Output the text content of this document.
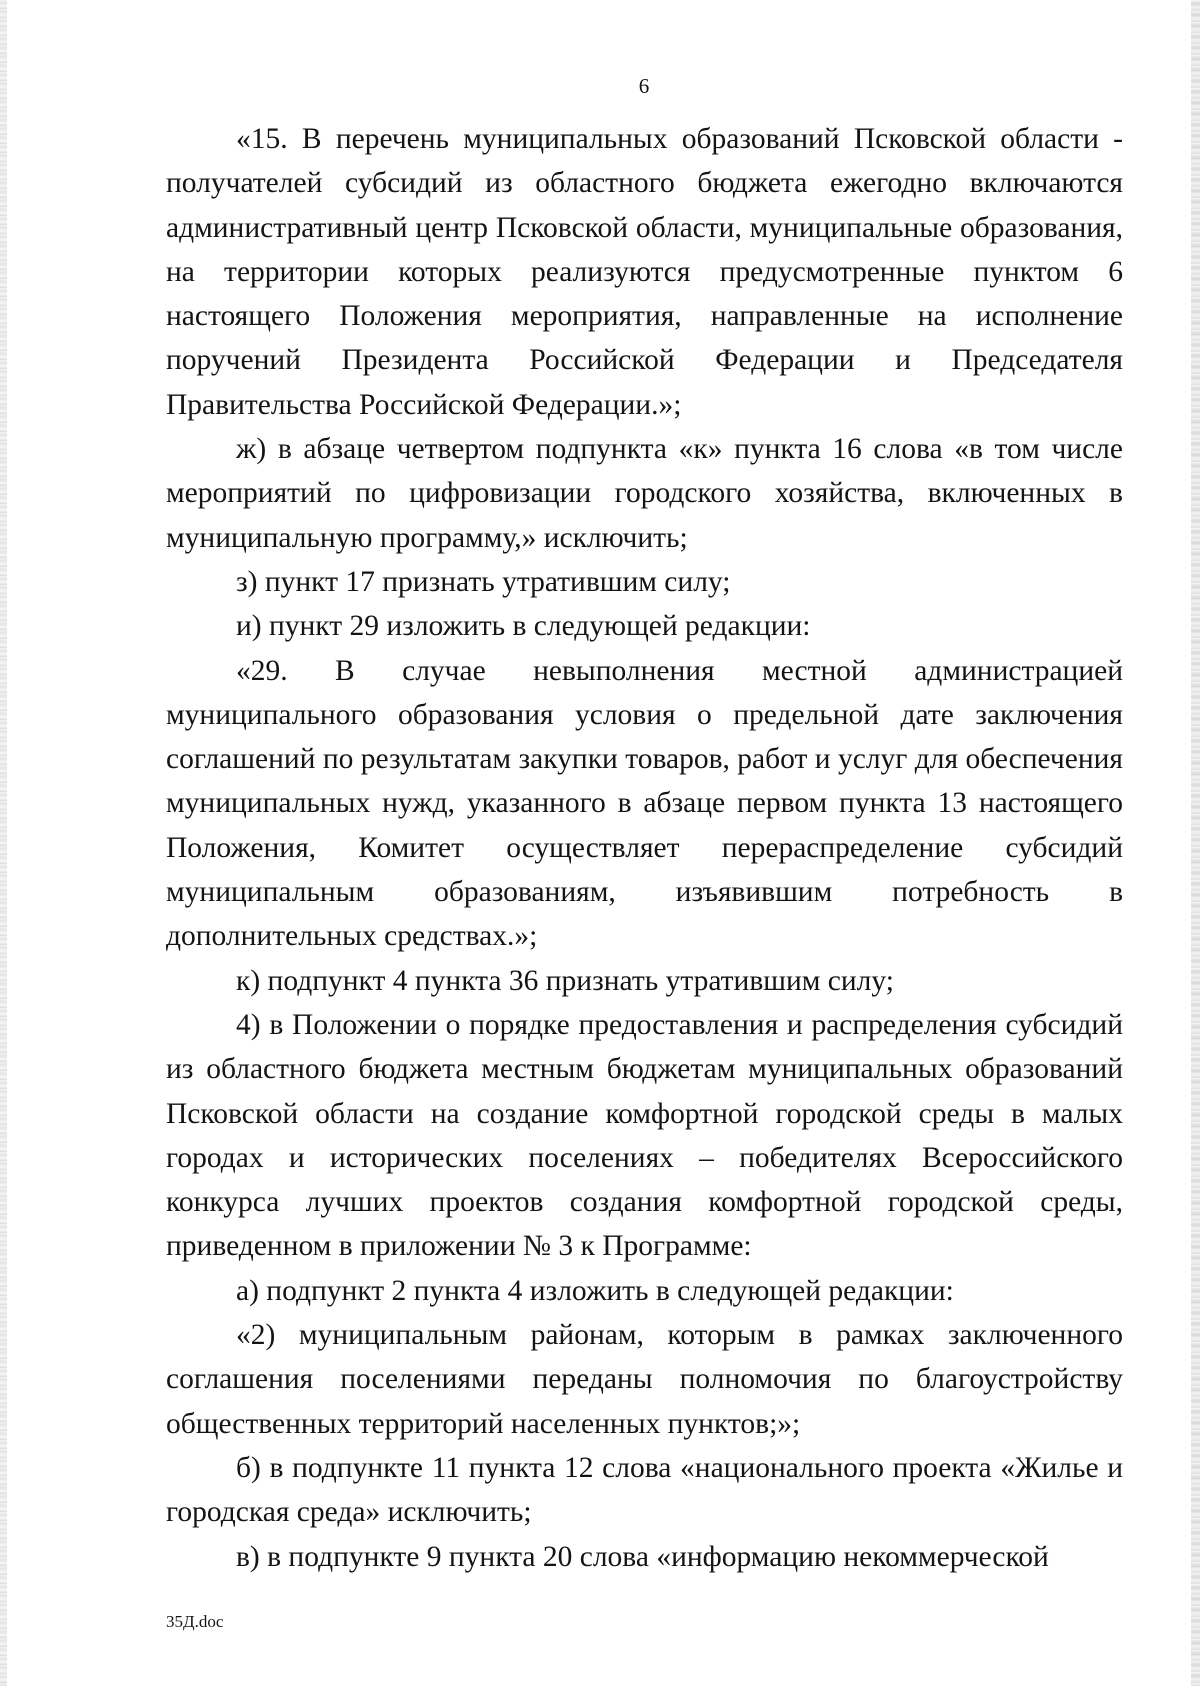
6

«15. В перечень муниципальных образований Псковской области - получателей субсидий из областного бюджета ежегодно включаются административный центр Псковской области, муниципальные образования, на территории которых реализуются предусмотренные пунктом 6 настоящего Положения мероприятия, направленные на исполнение поручений Президента Российской Федерации и Председателя Правительства Российской Федерации.»;

ж) в абзаце четвертом подпункта «к» пункта 16 слова «в том числе мероприятий по цифровизации городского хозяйства, включенных в муниципальную программу,» исключить;

з) пункт 17 признать утратившим силу;

и) пункт 29 изложить в следующей редакции:

«29. В случае невыполнения местной администрацией муниципального образования условия о предельной дате заключения соглашений по результатам закупки товаров, работ и услуг для обеспечения муниципальных нужд, указанного в абзаце первом пункта 13 настоящего Положения, Комитет осуществляет перераспределение субсидий муниципальным образованиям, изъявившим потребность в дополнительных средствах.»;

к) подпункт 4 пункта 36 признать утратившим силу;

4) в Положении о порядке предоставления и распределения субсидий из областного бюджета местным бюджетам муниципальных образований Псковской области на создание комфортной городской среды в малых городах и исторических поселениях – победителях Всероссийского конкурса лучших проектов создания комфортной городской среды, приведенном в приложении № 3 к Программе:

а) подпункт 2 пункта 4 изложить в следующей редакции:

«2) муниципальным районам, которым в рамках заключенного соглашения поселениями переданы полномочия по благоустройству общественных территорий населенных пунктов;»;

б) в подпункте 11 пункта 12 слова «национального проекта «Жилье и городская среда» исключить;

в) в подпункте 9 пункта 20 слова «информацию некоммерческой

35Д.doc
